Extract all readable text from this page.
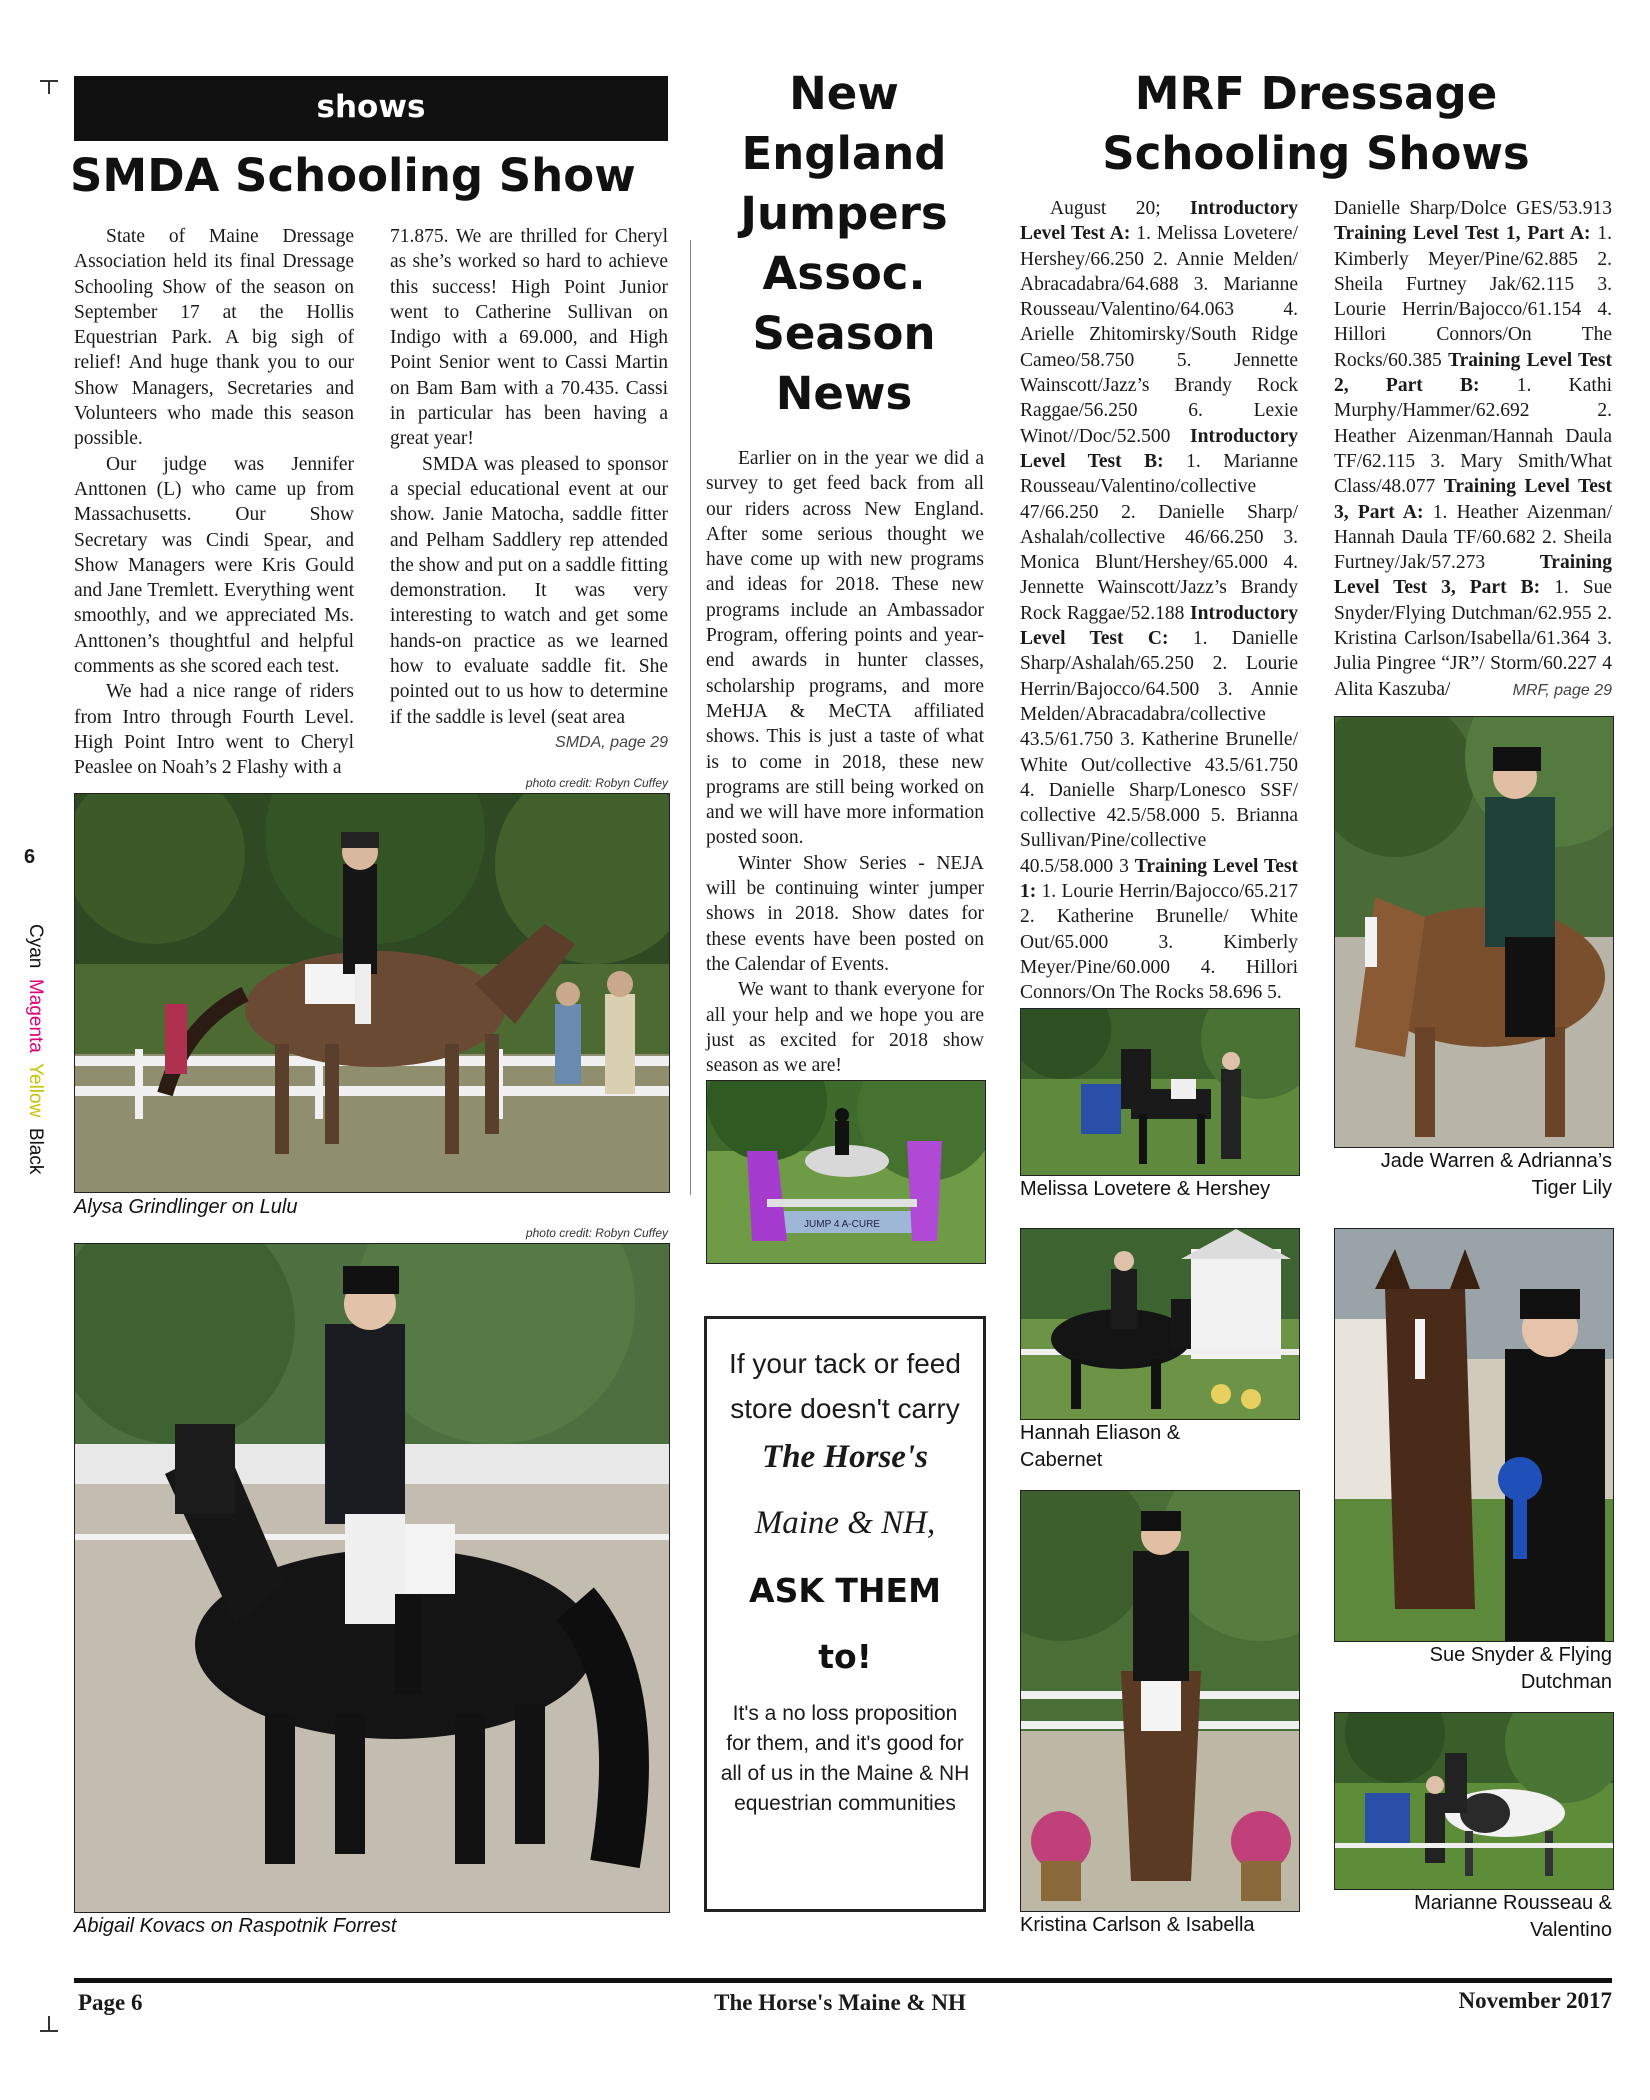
6
Cyan  Magenta  Yellow  Black
shows
SMDA Schooling Show

State of Maine Dressage Association held its final Dressage Schooling Show of the season on September 17 at the Hollis Equestrian Park. A big sigh of relief! And huge thank you to our Show Managers, Secretaries and Volunteers who made this season possible.

Our judge was Jennifer Anttonen (L) who came up from Massachusetts. Our Show Secretary was Cindi Spear, and Show Managers were Kris Gould and Jane Tremlett. Everything went smoothly, and we appreciated Ms. Anttonen’s thoughtful and helpful comments as she scored each test.

We had a nice range of riders from Intro through Fourth Level. High Point Intro went to Cheryl Peaslee on Noah’s 2 Flashy with a

71.875. We are thrilled for Cheryl as she’s worked so hard to achieve this success! High Point Junior went to Catherine Sullivan on Indigo with a 69.000, and High Point Senior went to Cassi Martin on Bam Bam with a 70.435. Cassi in particular has been having a great year!

SMDA was pleased to sponsor a special educational event at our show. Janie Matocha, saddle fitter and Pelham Saddlery rep attended the show and put on a saddle fitting demonstration. It was very interesting to watch and get some hands-on practice as we learned how to evaluate saddle fit. She pointed out to us how to determine if the saddle is level (seat area

SMDA, page 29
photo credit: Robyn Cuffey
Alysa Grindlinger on Lulu
photo credit: Robyn Cuffey
Abigail Kovacs on Raspotnik Forrest
New
England
Jumpers
Assoc.
Season
News

Earlier on in the year we did a survey to get feed back from all our riders across New England. After some serious thought we have come up with new programs and ideas for 2018. These new programs include an Ambassador Program, offering points and year- end awards in hunter classes, scholarship programs, and more MeHJA & MeCTA affiliated shows. This is just a taste of what is to come in 2018, these new programs are still being worked on and we will have more information posted soon.

Winter Show Series - NEJA will be continuing winter jumper shows in 2018. Show dates for these events have been posted on the Calendar of Events.

We want to thank everyone for all your help and we hope you are just as excited for 2018 show season as we are!

JUMP 4 A-CURE
If your tack or feed store doesn't carry
The Horse's
Maine & NH,
ASK THEM
to!
It's a no loss proposition for them, and it's good for all of us in the Maine & NH equestrian communities
MRF Dressage
Schooling Shows
August 20; Introductory Level Test A: 1. Melissa Lovetere/ Hershey/66.250 2. Annie Melden/ Abracadabra/64.688 3. Marianne Rousseau/Valentino/64.063 4. Arielle Zhitomirsky/South Ridge Cameo/58.750 5. Jennette Wainscott/Jazz’s Brandy Rock Raggae/56.250 6. Lexie Winot//Doc/52.500 Introductory Level Test B: 1. Marianne Rousseau/Valentino/collective 47/66.250 2. Danielle Sharp/ Ashalah/collective 46/66.250 3. Monica Blunt/Hershey/65.000 4. Jennette Wainscott/Jazz’s Brandy Rock Raggae/52.188 Introductory Level Test C: 1. Danielle Sharp/Ashalah/65.250 2. Lourie Herrin/Bajocco/64.500 3. Annie Melden/Abracadabra/collective 43.5/61.750 3. Katherine Brunelle/ White Out/collective 43.5/61.750 4. Danielle Sharp/Lonesco SSF/ collective 42.5/58.000 5. Brianna Sullivan/Pine/collective 40.5/58.000 3 Training Level Test 1: 1. Lourie Herrin/Bajocco/65.217 2. Katherine Brunelle/ White Out/65.000 3. Kimberly Meyer/Pine/60.000 4. Hillori Connors/On The Rocks 58.696 5.
Danielle Sharp/Dolce GES/53.913 Training Level Test 1, Part A: 1. Kimberly Meyer/Pine/62.885 2. Sheila Furtney Jak/62.115 3. Lourie Herrin/Bajocco/61.154 4. Hillori Connors/On The Rocks/60.385 Training Level Test 2, Part B: 1. Kathi Murphy/Hammer/62.692 2. Heather Aizenman/Hannah Daula TF/62.115 3. Mary Smith/What Class/48.077 Training Level Test 3, Part A: 1. Heather Aizenman/ Hannah Daula TF/60.682 2. Sheila Furtney/Jak/57.273 Training Level Test 3, Part B: 1. Sue Snyder/Flying Dutchman/62.955 2. Kristina Carlson/Isabella/61.364 3. Julia Pingree “JR”/ Storm/60.227 4 Alita Kaszuba/	MRF, page 29
Jade Warren & Adrianna’s Tiger Lily
Melissa Lovetere & Hershey
Hannah Eliason & Cabernet
Sue Snyder & Flying Dutchman
Kristina Carlson & Isabella
Marianne Rousseau & Valentino
Page 6	The Horse's Maine & NH	November 2017
